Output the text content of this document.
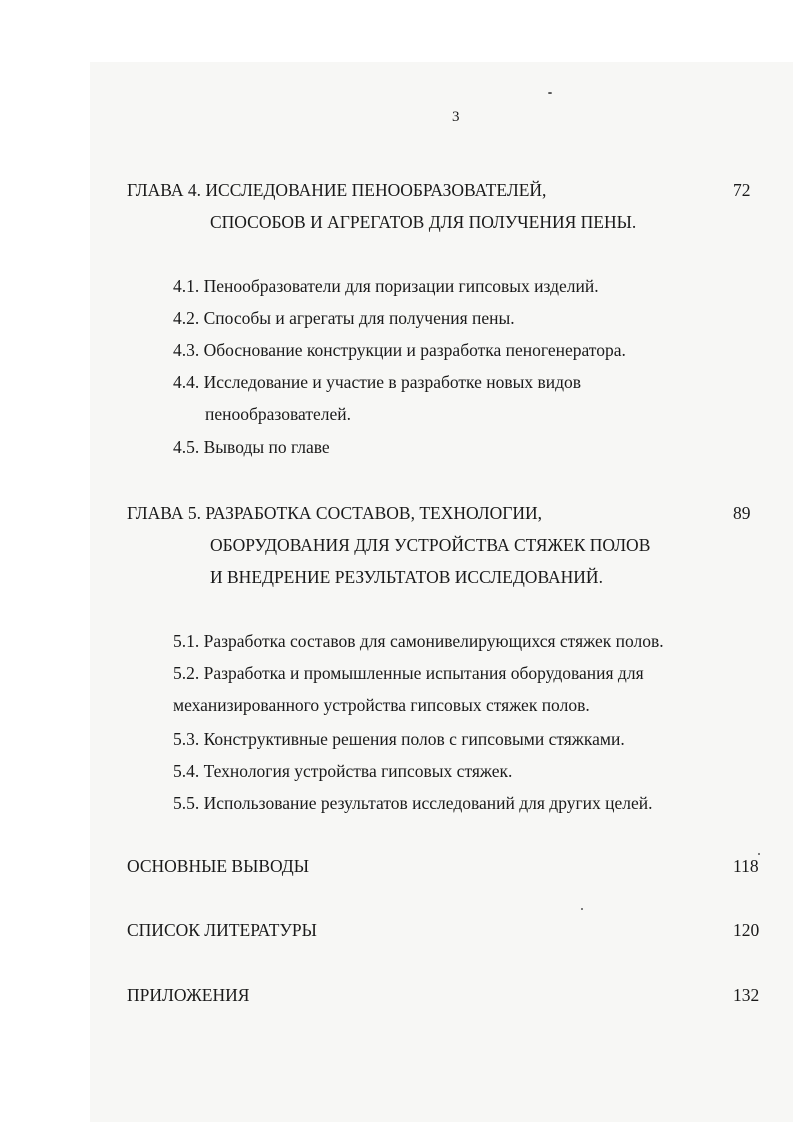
3
ГЛАВА 4. ИССЛЕДОВАНИЕ ПЕНООБРАЗОВАТЕЛЕЙ,	72
СПОСОБОВ И АГРЕГАТОВ ДЛЯ ПОЛУЧЕНИЯ ПЕНЫ.
4.1. Пенообразователи для поризации гипсовых изделий.
4.2. Способы и агрегаты для получения пены.
4.3. Обоснование конструкции и разработка пеногенератора.
4.4. Исследование и участие в разработке новых видов
пенообразователей.
4.5. Выводы по главе
ГЛАВА 5. РАЗРАБОТКА СОСТАВОВ, ТЕХНОЛОГИИ,	89
ОБОРУДОВАНИЯ ДЛЯ УСТРОЙСТВА СТЯЖЕК ПОЛОВ
И ВНЕДРЕНИЕ РЕЗУЛЬТАТОВ ИССЛЕДОВАНИЙ.
5.1. Разработка составов для самонивелирующихся стяжек полов.
5.2. Разработка и промышленные испытания оборудования для
механизированного устройства гипсовых стяжек полов.
5.3. Конструктивные решения полов с гипсовыми стяжками.
5.4. Технология устройства гипсовых стяжек.
5.5. Использование результатов исследований для других целей.
ОСНОВНЫЕ ВЫВОДЫ	118
СПИСОК ЛИТЕРАТУРЫ	120
ПРИЛОЖЕНИЯ	132
